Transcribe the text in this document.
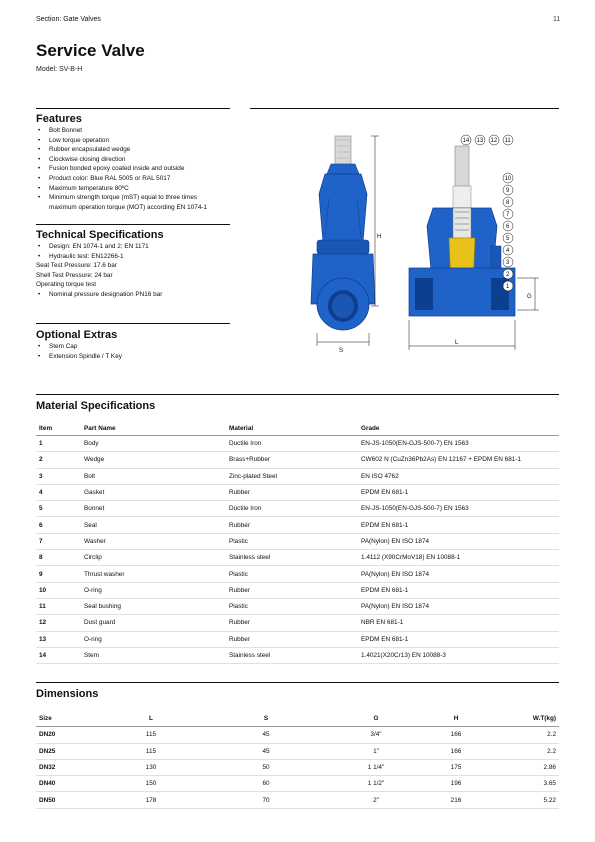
Section: Gate Valves	11
Service Valve
Model: SV-B-H
Features
• Bolt Bonnet
• Low torque operation
• Rubber encapsulated wedge
• Clockwise closing direction
• Fusion bonded epoxy coated inside and outside
• Product color: Blue RAL 5005 or RAL 5017
• Maximum temperature 80ºC
• Minimum strength torque (mST) equal to three times
maximum operation torque (MOT) according EN 1074-1
Technical Specifications
• Design: EN 1074-1 and 2; EN 1171
• Hydraulic test: EN12266-1
Seat Test Pressure: 17.6 bar
Shell Test Pressure: 24 bar
Operating torque test
• Nominal pressure designation PN16 bar
Optional Extras
• Stem Cap
• Extension Spindle / T Key
H
S
L
G
14 13 12 11
10
9
8
7
6
5
4
3
2
1
Material Specifications
Item	Part Name	Material	Grade
1	Body	Ductile Iron	EN-JS-1050(EN-GJS-500-7) EN 1563
2	Wedge	Brass+Rubber	CW602 N (CuZn36Pb2As) EN 12167 + EPDM EN 681-1
3	Bolt	Zinc-plated Steel	EN ISO 4762
4	Gasket	Rubber	EPDM EN 681-1
5	Bonnet	Ductile Iron	EN-JS-1050(EN-GJS-500-7) EN 1563
6	Seal	Rubber	EPDM EN 681-1
7	Washer	Plastic	PA(Nylon) EN ISO 1874
8	Circlip	Stainless steel	1.4112 (X90CrMoV18) EN 10088-1
9	Thrust washer	Plastic	PA(Nylon) EN ISO 1874
10	O-ring	Rubber	EPDM EN 681-1
11	Seal bushing	Plastic	PA(Nylon) EN ISO 1874
12	Dust guard	Rubber	NBR EN 681-1
13	O-ring	Rubber	EPDM EN 681-1
14	Stem	Stainless steel	1.4021(X20Cr13) EN 10088-3
Dimensions
Size	L	S	G	H	W.T(kg)
DN20	115	45	3/4"	166	2.2
DN25	115	45	1"	166	2.2
DN32	130	50	1 1/4"	175	2.86
DN40	150	60	1 1/2"	196	3.65
DN50	178	70	2"	216	5.22
